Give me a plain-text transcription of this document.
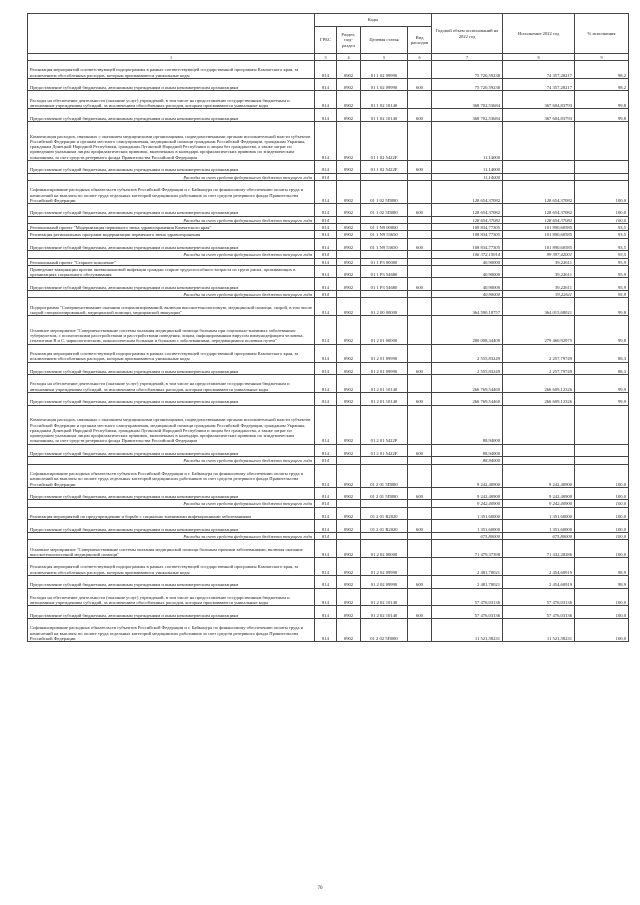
	Коды				Годовой объем ассигнований на 2022 год	Исполнение 2022 год	% исполнения
	ГРБС	Раздел, под-раздел	Целевая статья	Вид расходов			
1	3	4	5	6	7	8	9
Реализация мероприятий соответствующей подпрограммы в рамках соответствующей государственной программы Камчатского края, за исключением обособленных расходов, которым присваиваются уникальные коды	814	0902	01 1 02 09990		75 720,59238	74 357,28217	98,2
Предоставление субсидий бюджетным, автономным учреждениям и иным некоммерческим организациям	814	0902	01 1 02 09990	600	75 720,59238	74 357,28217	98,2
Расходы на обеспечение деятельности (оказание услуг) учреждений, в том числе на предоставление государственным бюджетным и автономным учреждениям субсидий, за исключением обособленных расходов, которым присваиваются уникальные коды	814	0902	01 1 02 10140		368 702,53684	367 604,83793	99,8
Предоставление субсидий бюджетным, автономным учреждениям и иным некоммерческим организациям	814	0902	01 1 02 10140	600	368 702,53684	367 604,83793	99,8
Компенсация расходов, связанных с оказанием медицинскими организациями, подведомственными органам исполнительной власти субъектов Российской Федерации и органам местного самоуправления, медицинской помощи гражданам Российской Федерации, гражданам Украины, гражданам Донецкой Народной Республики, гражданам Луганской Народной Республики и лицам без гражданства, а также затрат по проведению указанным лицам профилактических прививок, включенных в календарь профилактических прививок по эпидемическим показаниям, за счет средств резервного фонда Правительства Российской Федерации	814	0902	01 1 02 5422F		11,14000		
Предоставление субсидий бюджетным, автономным учреждениям и иным некоммерческим организациям	814	0902	01 1 02 5422F	600	11,14000		
Расходы за счет средств федерального бюджета текущего года	814				11,14000		
Софинансирование расходных обязательств субъектов Российской Федерации и г. Байконура по финансовому обеспечению оплаты труда и начислений на выплаты по оплате труда отдельных категорий медицинских работников за счет средств резервного фонда Правительства Российской Федерации	814	0902	01 1 02 5П080		128 654,37082	128 654,37082	100,0
Предоставление субсидий бюджетным, автономным учреждениям и иным некоммерческим организациям	814	0902	01 1 02 5П080	600	128 654,37082	128 654,37082	100,0
Расходы за счет средств федерального бюджета текущего года	814				128 654,37082	128 654,37082	100,0
Региональный проект "Модернизация первичного звена здравоохранения Камчатского края"	814	0902	01 1 N9 00000		108 834,77305	101 890,60585	93,5
Реализация региональных программ модернизации первичного звена здравоохранения	814	0902	01 1 N9 53650		108 834,77305	101 890,60585	93,5
Предоставление субсидий бюджетным, автономным учреждениям и иным некоммерческим организациям	814	0902	01 1 N9 53650	600	108 834,77305	101 890,60585	93,5
Расходы за счет средств федерального бюджета текущего года	814				106 372,15914	99 397,42001	93,5
Региональный проект "Старшее поколение"	814	0902	01 1 P3 00000		40,90000	39,22611	95,9
Проведение вакцинации против пневмококковой инфекции граждан старше трудоспособного возраста из групп риска, проживающих в организациях социального обслуживания	814	0902	01 1 P3 54680		40,90000	39,22611	95,9
Предоставление субсидий бюджетным, автономным учреждениям и иным некоммерческим организациям	814	0902	01 1 P3 54680	600	40,90000	39,22611	95,9
Расходы за счет средств федерального бюджета текущего года	814				40,90000	39,22611	95,9
Подпрограмма "Совершенствование оказания специализированной, включая высокотехнологичную, медицинской помощи, скорой, в том числе скорой специализированной, медицинской помощи, медицинской эвакуации"	814	0902	01 2 00 00000		364 590,18757	364 015,68021	99,8
Основное мероприятие "Совершенствование системы оказания медицинской помощи больным при социально-значимых заболеваниях: туберкулезом, с психическими расстройствами и расстройствами поведения, лицам, инфицированным вирусом иммунодефицита человека, гепатитами B и C, наркологическим, онкологическим больным и больным с заболеваниями, передающимися половым путем"	814	0902	01 2 01 00000		280 008,34409	279 460,92975	99,8
Реализация мероприятий соответствующей подпрограммы в рамках соответствующей государственной программы Камчатского края, за исключением обособленных расходов, которым присваиваются уникальные коды	814	0902	01 2 01 09990		2 555,83249	2 257,79749	88,3
Предоставление субсидий бюджетным, автономным учреждениям и иным некоммерческим организациям	814	0902	01 2 01 09990	600	2 555,83249	2 257,79749	88,3
Расходы на обеспечение деятельности (оказание услуг) учреждений, в том числе на предоставление государственным бюджетным и автономным учреждениям субсидий, за исключением обособленных расходов, которым присваиваются уникальные коды	814	0902	01 2 01 10140		266 769,54460	266 609,12326	99,9
Предоставление субсидий бюджетным, автономным учреждениям и иным некоммерческим организациям	814	0902	01 2 01 10140	600	266 769,54460	266 609,12326	99,9
Компенсация расходов, связанных с оказанием медицинскими организациями, подведомственными органам исполнительной власти субъектов Российской Федерации и органам местного самоуправления, медицинской помощи гражданам Российской Федерации, гражданам Украины, гражданам Донецкой Народной Республики, гражданам Луганской Народной Республики и лицам без гражданства, а также затрат по проведению указанным лицам профилактических прививок, включенных в календарь профилактических прививок по эпидемическим показаниям, за счет средств резервного фонда Правительства Российской Федерации	814	0902	01 2 01 5422F		88,94000		
Предоставление субсидий бюджетным, автономным учреждениям и иным некоммерческим организациям	814	0902	01 2 01 5422F	600	88,94000		
Расходы за счет средств федерального бюджета текущего года	814				88,94000		
Софинансирование расходных обязательств субъектов Российской Федерации и г. Байконура по финансовому обеспечению оплаты труда и начислений на выплаты по оплате труда отдельных категорий медицинских работников за счет средств резервного фонда Правительства Российской Федерации	814	0902	01 2 01 5П080		9 242,40900	9 242,40900	100,0
Предоставление субсидий бюджетным, автономным учреждениям и иным некоммерческим организациям	814	0902	01 2 01 5П080	600	9 242,40900	9 242,40900	100,0
Расходы за счет средств федерального бюджета текущего года	814				9 242,40900	9 242,40900	100,0
Реализация мероприятий по предупреждению и борьбе с социально значимыми инфекционными заболеваниями	814	0902	01 2 01 R2020		1 351,60000	1 351,60000	100,0
Предоставление субсидий бюджетным, автономным учреждениям и иным некоммерческим организациям	814	0902	01 2 01 R2020	600	1 351,60000	1 351,60000	100,0
Расходы за счет средств федерального бюджета текущего года	814				675,80000	675,80000	100,0
Основное мероприятие "Совершенствование системы оказания медицинской помощи больным прочими заболеваниями, включая оказание высокотехнологичной медицинской помощи"	814	0902	01 2 02 00000		71 479,37398	71 432,28286	100,0
Реализация мероприятий соответствующей подпрограммы в рамках соответствующей государственной программы Камчатского края, за исключением обособленных расходов, которым присваиваются уникальные коды	814	0902	01 2 02 09990		2 481,70021	2 454,60919	98,9
Предоставление субсидий бюджетным, автономным учреждениям и иным некоммерческим организациям	814	0902	01 2 02 09990	600	2 481,70021	2 454,60919	98,9
Расходы на обеспечение деятельности (оказание услуг) учреждений, в том числе на предоставление государственным бюджетным и автономным учреждениям субсидий, за исключением обособленных расходов, которым присваиваются уникальные коды	814	0902	01 2 02 10140		57 476,03136	57 476,03136	100,0
Предоставление субсидий бюджетным, автономным учреждениям и иным некоммерческим организациям	814	0902	01 2 02 10140	600	57 476,03136	57 476,03136	100,0
Софинансирование расходных обязательств субъектов Российской Федерации и г. Байконура по финансовому обеспечению оплаты труда и начислений на выплаты по оплате труда отдельных категорий медицинских работников за счет средств резервного фонда Правительства Российской Федерации	814	0902	01 2 02 5П080		11 521,58231	11 521,58231	100,0
70
